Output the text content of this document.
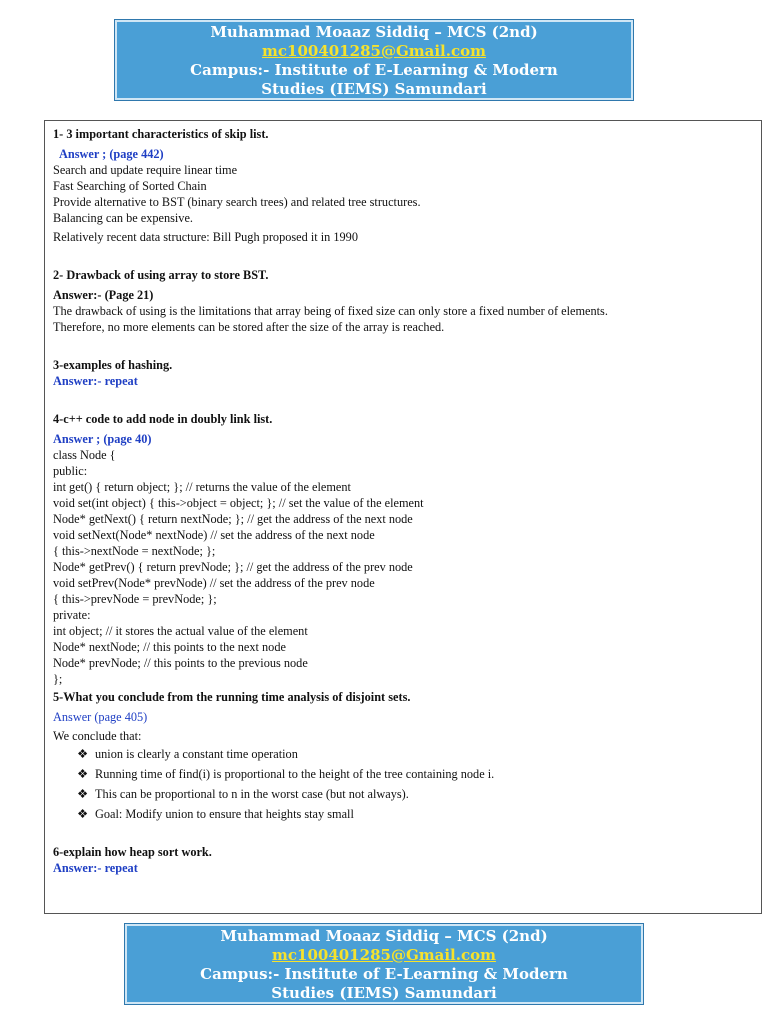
Muhammad Moaaz Siddiq – MCS (2nd)
mc100401285@Gmail.com
Campus:- Institute of E-Learning & Modern
Studies (IEMS) Samundari

1- 3 important characteristics of skip list.

Answer ; (page 442)

Search and update require linear time

Fast Searching of Sorted Chain

Provide alternative to BST (binary search trees) and related tree structures.

Balancing can be expensive.

Relatively recent data structure: Bill Pugh proposed it in 1990

2- Drawback of using array to store BST.

Answer:- (Page 21)

The drawback of using is the limitations that array being of fixed size can only store a fixed number of elements.

Therefore, no more elements can be stored after the size of the array is reached.

3-examples of hashing.

Answer:- repeat

4-c++ code to add node in doubly link list.

Answer ; (page 40)

class Node {

public:

int get() { return object; }; // returns the value of the element

void set(int object) { this->object = object; }; // set the value of the element

Node* getNext() { return nextNode; }; // get the address of the next node

void setNext(Node* nextNode) // set the address of the next node

{ this->nextNode = nextNode; };

Node* getPrev() { return prevNode; }; // get the address of the prev node

void setPrev(Node* prevNode) // set the address of the prev node

{ this->prevNode = prevNode; };

private:

int object; // it stores the actual value of the element

Node* nextNode; // this points to the next node

Node* prevNode; // this points to the previous node

};

5-What you conclude from the running time analysis of disjoint sets.

Answer (page 405)

We conclude that:

❖ union is clearly a constant time operation
❖ Running time of find(i) is proportional to the height of the tree containing node i.
❖ This can be proportional to n in the worst case (but not always).
❖ Goal: Modify union to ensure that heights stay small

6-explain how heap sort work.

Answer:- repeat

Muhammad Moaaz Siddiq – MCS (2nd)
mc100401285@Gmail.com
Campus:- Institute of E-Learning & Modern
Studies (IEMS) Samundari
